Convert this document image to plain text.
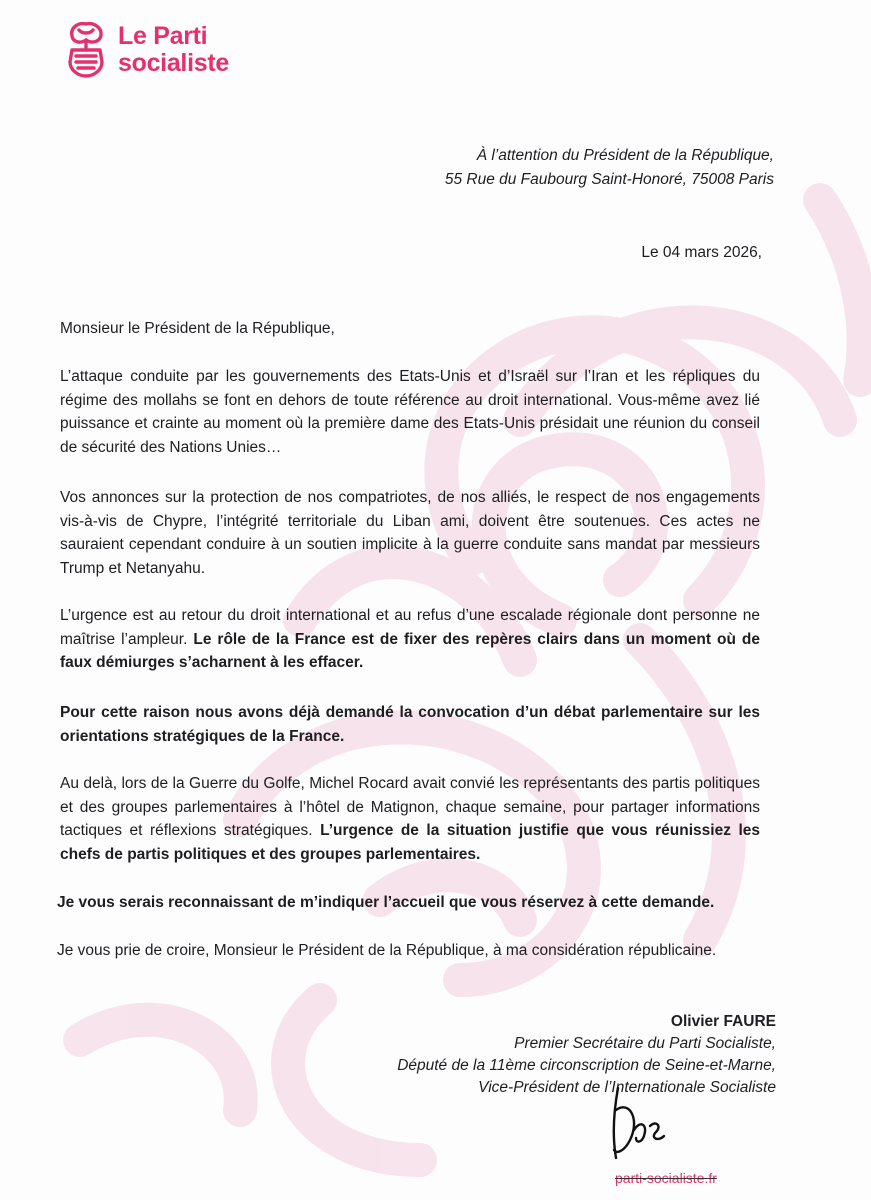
Le Parti
socialiste
À l’attention du Président de la République,
55 Rue du Faubourg Saint-Honoré, 75008 Paris
Le 04 mars 2026,
Monsieur le Président de la République,
L’attaque conduite par les gouvernements des Etats-Unis et d’Israël sur l’Iran et les répliques du régime des mollahs se font en dehors de toute référence au droit international. Vous-même avez lié puissance et crainte au moment où la première dame des Etats-Unis présidait une réunion du conseil de sécurité des Nations Unies…
Vos annonces sur la protection de nos compatriotes, de nos alliés, le respect de nos engagements vis-à-vis de Chypre, l’intégrité territoriale du Liban ami, doivent être soutenues. Ces actes ne sauraient cependant conduire à un soutien implicite à la guerre conduite sans mandat par messieurs Trump et Netanyahu.
L’urgence est au retour du droit international et au refus d’une escalade régionale dont personne ne maîtrise l’ampleur. Le rôle de la France est de fixer des repères clairs dans un moment où de faux démiurges s’acharnent à les effacer.
Pour cette raison nous avons déjà demandé la convocation d’un débat parlementaire sur les orientations stratégiques de la France.
Au delà, lors de la Guerre du Golfe, Michel Rocard avait convié les représentants des partis politiques et des groupes parlementaires à l’hôtel de Matignon, chaque semaine, pour partager informations tactiques et réflexions stratégiques. L’urgence de la situation justifie que vous réunissiez les chefs de partis politiques et des groupes parlementaires.
Je vous serais reconnaissant de m’indiquer l’accueil que vous réservez à cette demande.
Je vous prie de croire, Monsieur le Président de la République, à ma considération républicaine.
Olivier FAURE
Premier Secrétaire du Parti Socialiste,
Député de la 11ème circonscription de Seine-et-Marne,
Vice-Président de l’Internationale Socialiste
parti-socialiste.fr
